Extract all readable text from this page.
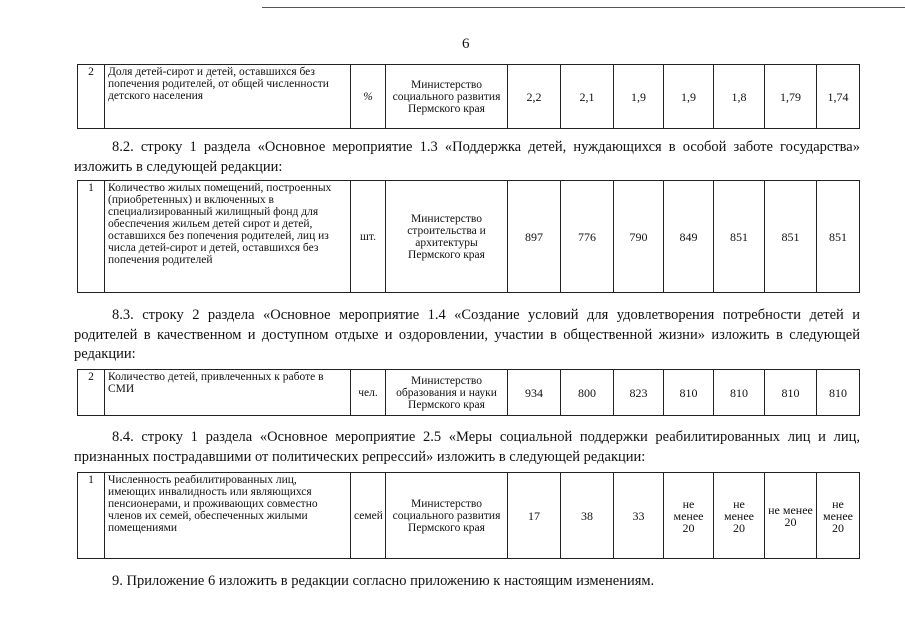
6
2	Доля детей-сирот и детей, оставшихся без попечения родителей, от общей численности детского населения	%	Министерство социального развития Пермского края	2,2	2,1	1,9	1,9	1,8	1,79	1,74
8.2. строку 1 раздела «Основное мероприятие 1.3 «Поддержка детей, нуждающихся в особой заботе государства» изложить в следующей редакции:
1	Количество жилых помещений, построенных (приобретенных) и включенных в специализированный жилищный фонд для обеспечения жильем детей сирот и детей, оставшихся без попечения родителей, лиц из числа детей-сирот и детей, оставшихся без попечения родителей	шт.	Министерство строительства и архитектуры Пермского края	897	776	790	849	851	851	851
8.3. строку 2 раздела «Основное мероприятие 1.4 «Создание условий для удовлетворения потребности детей и родителей в качественном и доступном отдыхе и оздоровлении, участии в общественной жизни» изложить в следующей редакции:
2	Количество детей, привлеченных к работе в СМИ	чел.	Министерство образования и науки Пермского края	934	800	823	810	810	810	810
8.4. строку 1 раздела «Основное мероприятие 2.5 «Меры социальной поддержки реабилитированных лиц и лиц, признанных пострадавшими от политических репрессий» изложить в следующей редакции:
1	Численность реабилитированных лиц, имеющих инвалидность или являющихся пенсионерами, и проживающих совместно членов их семей, обеспеченных жилыми помещениями	семей	Министерство социального развития Пермского края	17	38	33	не менее 20	не менее 20	не менее 20	не менее 20
9. Приложение 6 изложить в редакции согласно приложению к настоящим изменениям.
